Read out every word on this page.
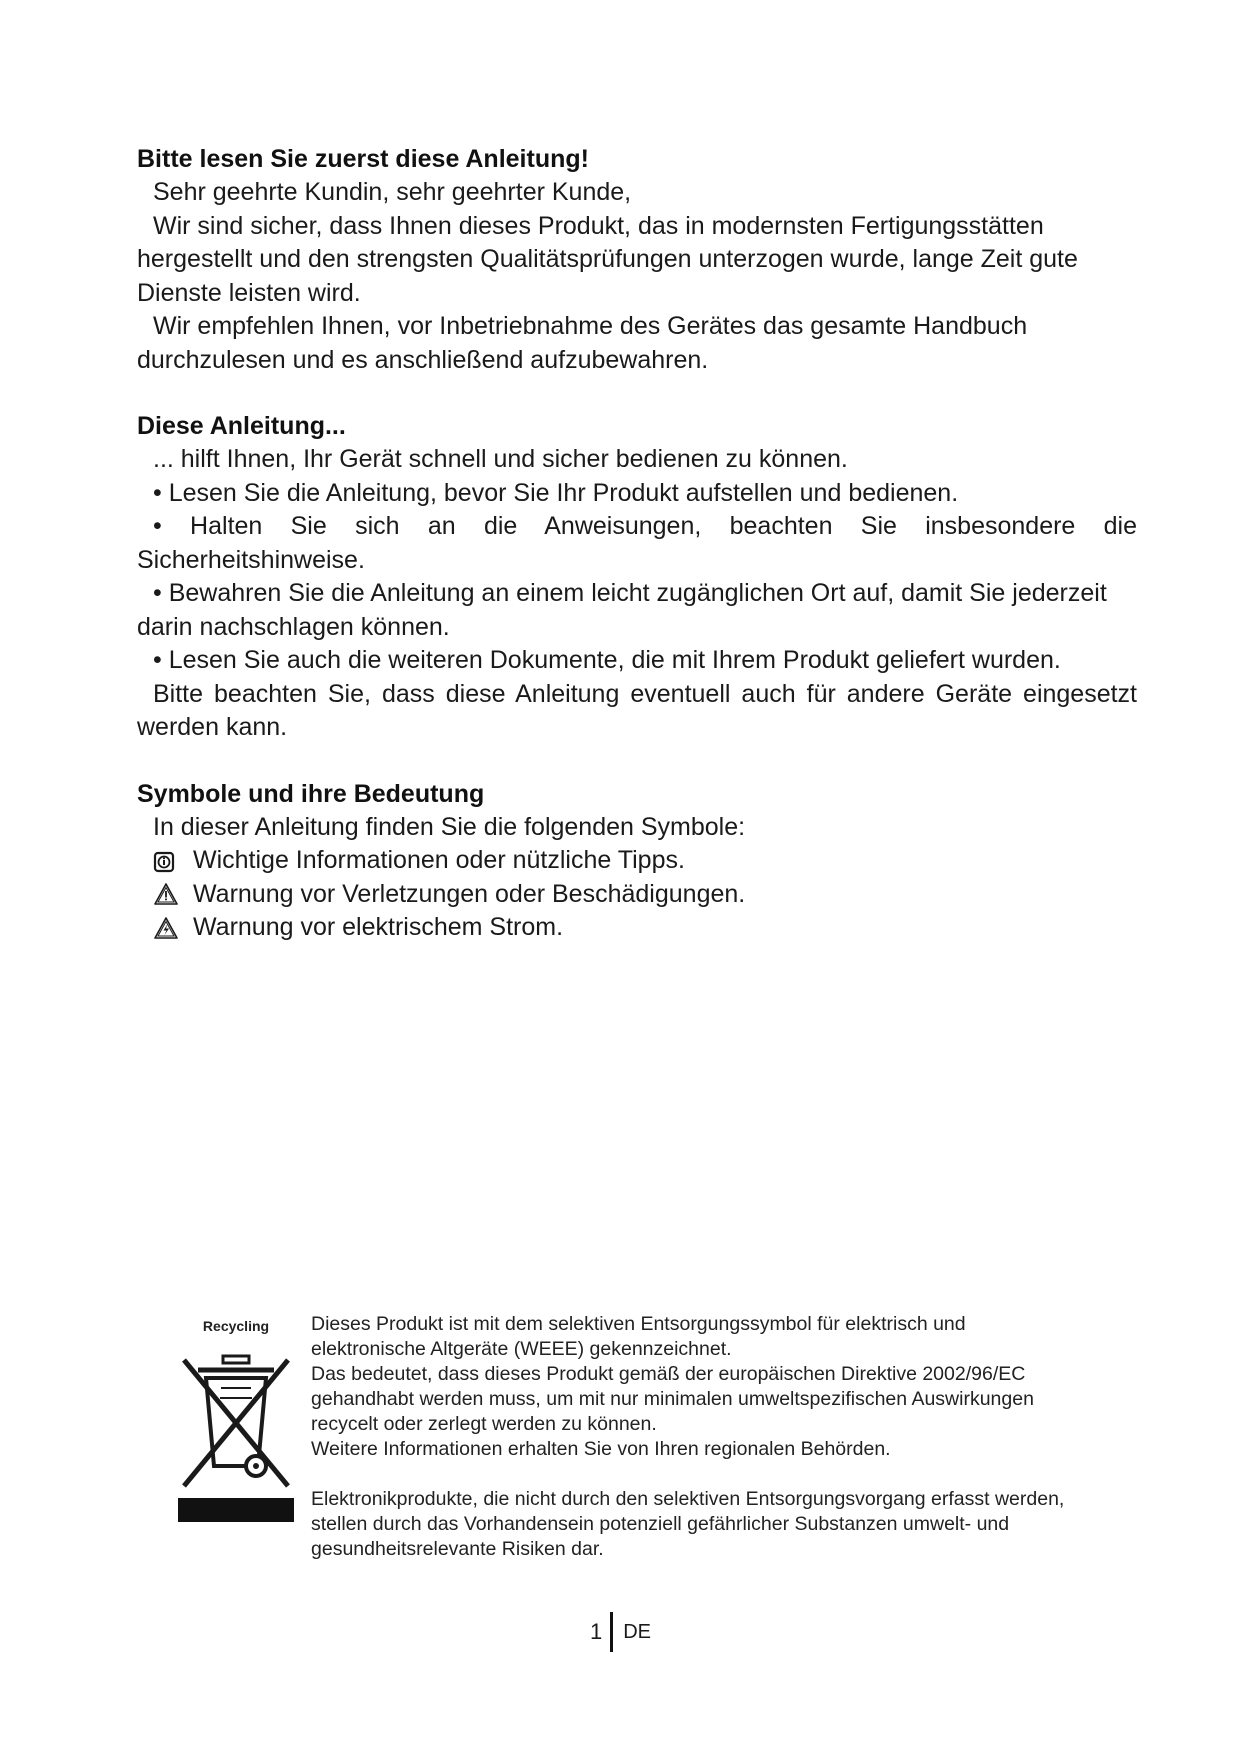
Bitte lesen Sie zuerst diese Anleitung!

Sehr geehrte Kundin, sehr geehrter Kunde,

Wir sind sicher, dass Ihnen dieses Produkt, das in modernsten Fertigungsstätten hergestellt und den strengsten Qualitätsprüfungen unterzogen wurde, lange Zeit gute Dienste leisten wird.

Wir empfehlen Ihnen, vor Inbetriebnahme des Gerätes das gesamte Handbuch durchzulesen und es anschließend aufzubewahren.

Diese Anleitung...

... hilft Ihnen, Ihr Gerät schnell und sicher bedienen zu können.

• Lesen Sie die Anleitung, bevor Sie Ihr Produkt aufstellen und bedienen.

• Halten Sie sich an die Anweisungen, beachten Sie insbesondere die Sicherheitshinweise.

• Bewahren Sie die Anleitung an einem leicht zugänglichen Ort auf, damit Sie jederzeit darin nachschlagen können.

• Lesen Sie auch die weiteren Dokumente, die mit Ihrem Produkt geliefert wurden.

Bitte beachten Sie, dass diese Anleitung eventuell auch für andere Geräte eingesetzt werden kann.

Symbole und ihre Bedeutung

In dieser Anleitung finden Sie die folgenden Symbole:

Wichtige Informationen oder nützliche Tipps.
Warnung vor Verletzungen oder Beschädigungen.
Warnung vor elektrischem Strom.

Recycling	Dieses Produkt ist mit dem selektiven Entsorgungssymbol für elektrisch und elektronische Altgeräte (WEEE) gekennzeichnet.

Das bedeutet, dass dieses Produkt gemäß der europäischen Direktive 2002/96/EC gehandhabt werden muss, um mit nur minimalen umweltspezifischen Auswirkungen recycelt oder zerlegt werden zu können.

Weitere Informationen erhalten Sie von Ihren regionalen Behörden.

Elektronikprodukte, die nicht durch den selektiven Entsorgungsvorgang erfasst werden, stellen durch das Vorhandensein potenziell gefährlicher Substanzen umwelt- und gesundheitsrelevante Risiken dar.

1 DE
